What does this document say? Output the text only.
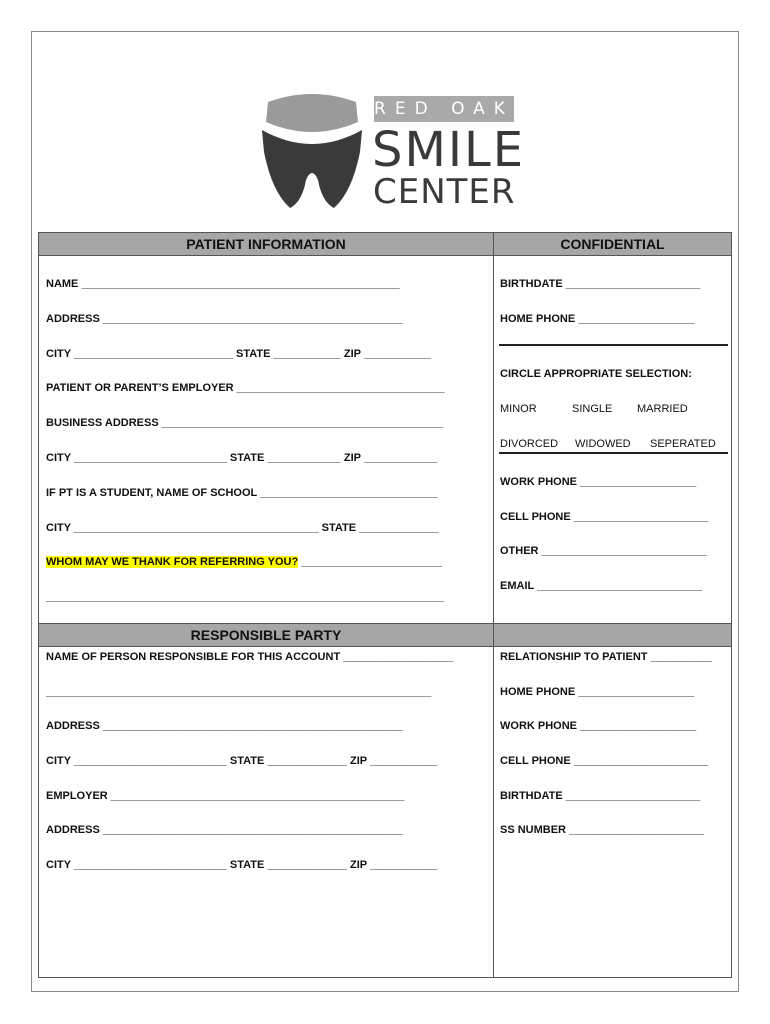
RED OAK
SMILE
CENTER
PATIENT INFORMATION	CONFIDENTIAL
NAME ____________________________________________________
ADDRESS _________________________________________________
CITY __________________________ STATE ___________ ZIP ___________
PATIENT OR PARENT’S EMPLOYER __________________________________
BUSINESS ADDRESS ______________________________________________
CITY _________________________ STATE ____________ ZIP ____________
IF PT IS A STUDENT, NAME OF SCHOOL _____________________________
CITY ________________________________________ STATE _____________
WHOM MAY WE THANK FOR REFERRING YOU? _______________________
_________________________________________________________________
BIRTHDATE ______________________
HOME PHONE ___________________
CIRCLE APPROPRIATE SELECTION:
MINOR	SINGLE MARRIED
DIVORCED WIDOWED SEPERATED
WORK PHONE ___________________
CELL PHONE ______________________
OTHER ___________________________
EMAIL ___________________________
RESPONSIBLE PARTY
NAME OF PERSON RESPONSIBLE FOR THIS ACCOUNT __________________
_______________________________________________________________
ADDRESS _________________________________________________
CITY _________________________ STATE _____________ ZIP ___________
EMPLOYER ________________________________________________
ADDRESS _________________________________________________
CITY _________________________ STATE _____________ ZIP ___________
RELATIONSHIP TO PATIENT __________
HOME PHONE ___________________
WORK PHONE ___________________
CELL PHONE ______________________
BIRTHDATE ______________________
SS NUMBER ______________________
